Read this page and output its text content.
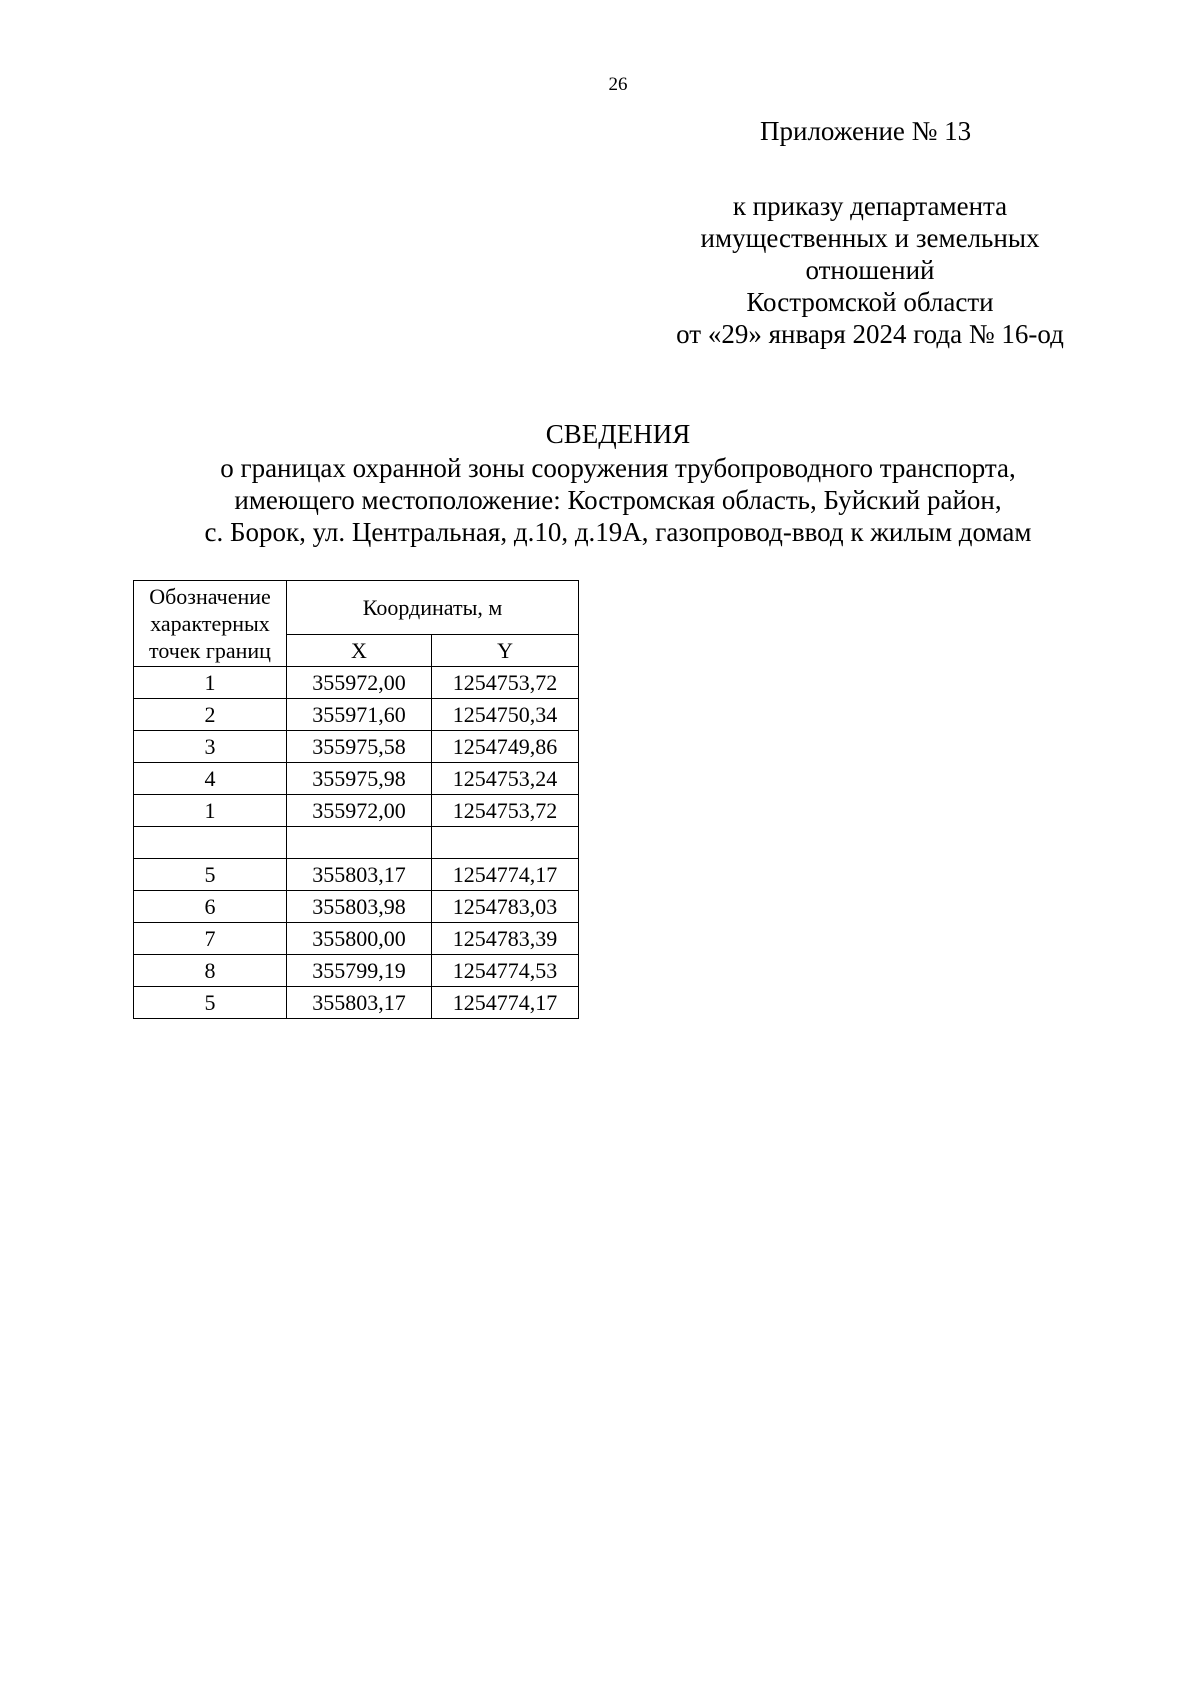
26
Приложение № 13
к приказу департамента
имущественных и земельных
отношений
Костромской области
от «29» января 2024 года № 16-од
СВЕДЕНИЯ
о границах охранной зоны сооружения трубопроводного транспорта,
имеющего местоположение: Костромская область, Буйский район,
с. Борок, ул. Центральная, д.10, д.19А, газопровод-ввод к жилым домам
Обозначение характерных точек границ	Координаты, м	
	X	Y
1	355972,00	1254753,72
2	355971,60	1254750,34
3	355975,58	1254749,86
4	355975,98	1254753,24
1	355972,00	1254753,72

5	355803,17	1254774,17
6	355803,98	1254783,03
7	355800,00	1254783,39
8	355799,19	1254774,53
5	355803,17	1254774,17
